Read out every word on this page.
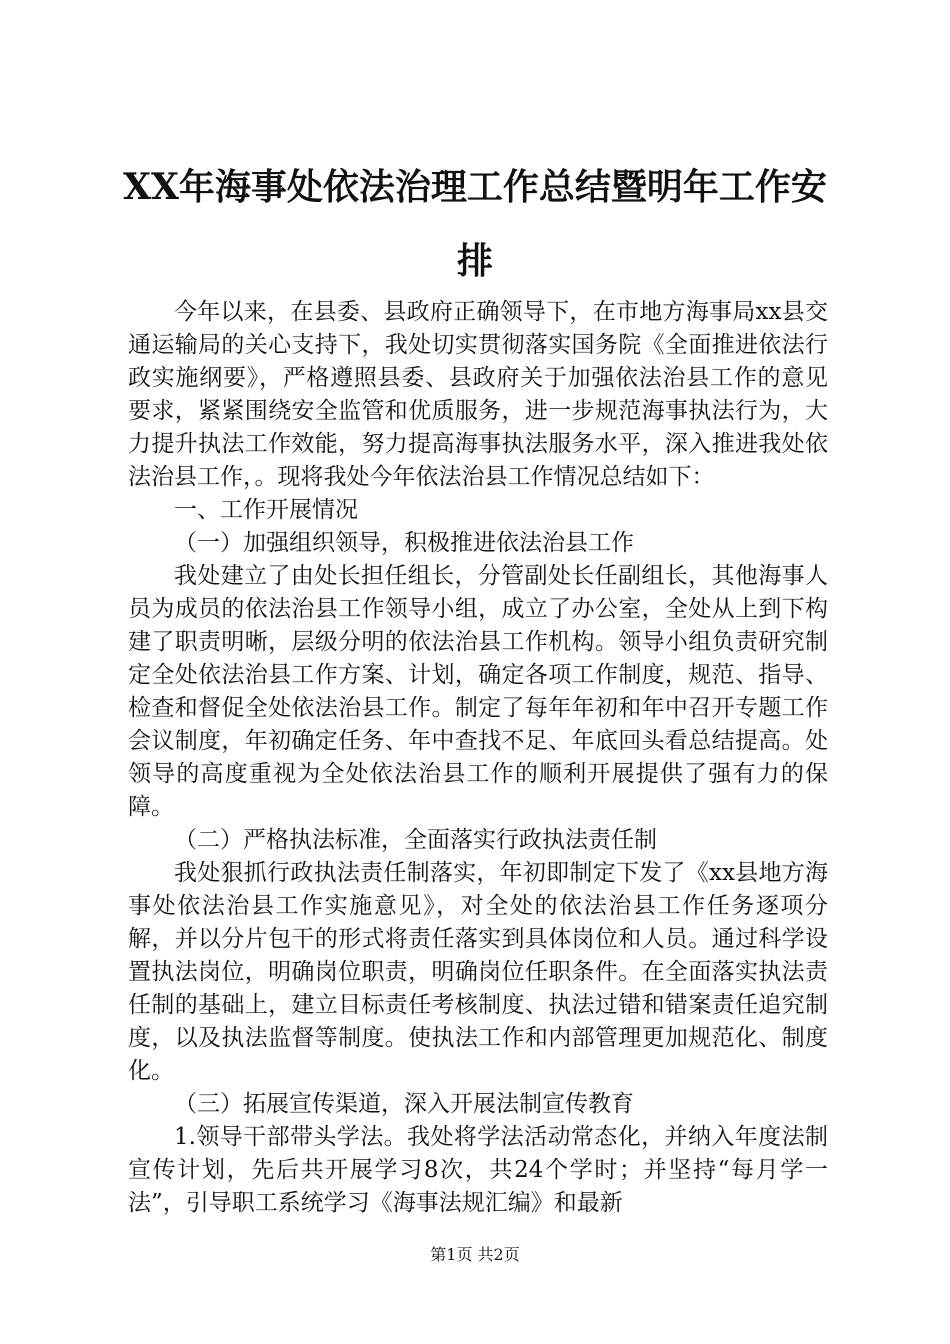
XX年海事处依法治理工作总结暨明年工作安排

今年以来，在县委、县政府正确领导下，在市地方海事局xx县交通运输局的关心支持下，我处切实贯彻落实国务院《全面推进依法行政实施纲要》，严格遵照县委、县政府关于加强依法治县工作的意见要求，紧紧围绕安全监管和优质服务，进一步规范海事执法行为，大力提升执法工作效能，努力提高海事执法服务水平，深入推进我处依法治县工作，。现将我处今年依法治县工作情况总结如下：

一、工作开展情况

（一）加强组织领导，积极推进依法治县工作

我处建立了由处长担任组长，分管副处长任副组长，其他海事人员为成员的依法治县工作领导小组，成立了办公室，全处从上到下构建了职责明晰，层级分明的依法治县工作机构。领导小组负责研究制定全处依法治县工作方案、计划，确定各项工作制度，规范、指导、检查和督促全处依法治县工作。制定了每年年初和年中召开专题工作会议制度，年初确定任务、年中查找不足、年底回头看总结提高。处领导的高度重视为全处依法治县工作的顺利开展提供了强有力的保障。

（二）严格执法标准，全面落实行政执法责任制

我处狠抓行政执法责任制落实，年初即制定下发了《xx县地方海事处依法治县工作实施意见》，对全处的依法治县工作任务逐项分解，并以分片包干的形式将责任落实到具体岗位和人员。通过科学设置执法岗位，明确岗位职责，明确岗位任职条件。在全面落实执法责任制的基础上，建立目标责任考核制度、执法过错和错案责任追究制度，以及执法监督等制度。使执法工作和内部管理更加规范化、制度化。

（三）拓展宣传渠道，深入开展法制宣传教育

1.领导干部带头学法。我处将学法活动常态化，并纳入年度法制宣传计划，先后共开展学习8次，共24个学时；并坚持“每月学一法”，引导职工系统学习《海事法规汇编》和最新

第1页 共2页
